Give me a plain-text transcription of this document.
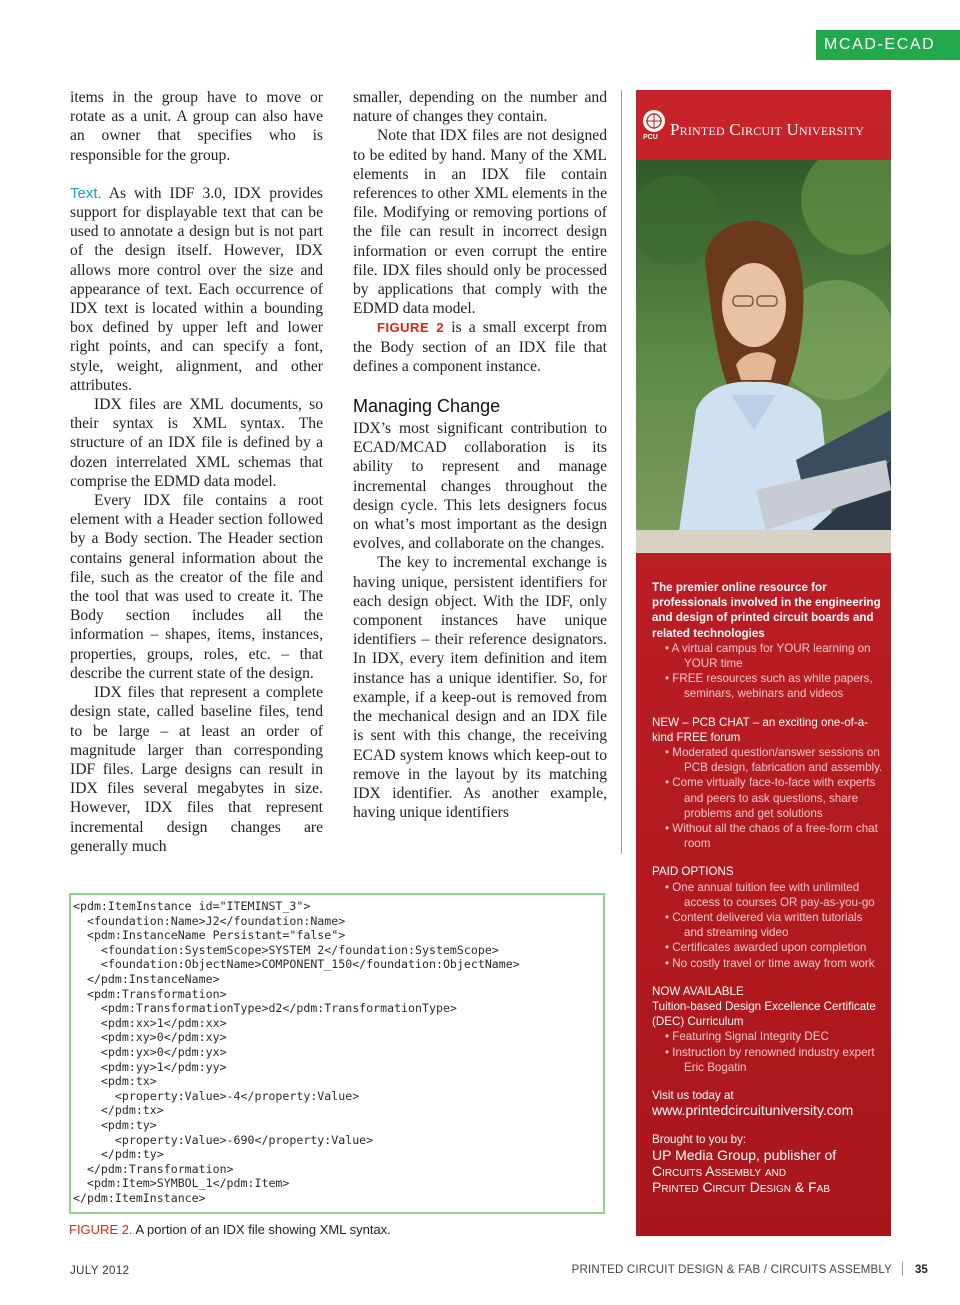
MCAD-ECAD

items in the group have to move or rotate as a unit. A group can also have an owner that specifies who is responsible for the group.

Text. As with IDF 3.0, IDX provides support for displayable text that can be used to annotate a design but is not part of the design itself. However, IDX allows more control over the size and appearance of text. Each occurrence of IDX text is located within a bounding box defined by upper left and lower right points, and can specify a font, style, weight, alignment, and other attributes.

IDX files are XML documents, so their syntax is XML syntax. The structure of an IDX file is defined by a dozen interrelated XML schemas that comprise the EDMD data model.

Every IDX file contains a root element with a Header section followed by a Body section. The Header section contains general information about the file, such as the creator of the file and the tool that was used to create it. The Body section includes all the information – shapes, items, instances, properties, groups, roles, etc. – that describe the current state of the design.

IDX files that represent a complete design state, called baseline files, tend to be large – at least an order of magnitude larger than corresponding IDF files. Large designs can result in IDX files several megabytes in size. However, IDX files that represent incremental design changes are generally much

smaller, depending on the number and nature of changes they contain.

Note that IDX files are not designed to be edited by hand. Many of the XML elements in an IDX file contain references to other XML elements in the file. Modifying or removing portions of the file can result in incorrect design information or even corrupt the entire file. IDX files should only be processed by applications that comply with the EDMD data model.

FIGURE 2 is a small excerpt from the Body section of an IDX file that defines a component instance.

Managing Change

IDX’s most significant contribution to ECAD/MCAD collaboration is its ability to represent and manage incremental changes throughout the design cycle. This lets designers focus on what’s most important as the design evolves, and collaborate on the changes.

The key to incremental exchange is having unique, persistent identifiers for each design object. With the IDF, only component instances have unique identifiers – their reference designators. In IDX, every item definition and item instance has a unique identifier. So, for example, if a keep-out is removed from the mechanical design and an IDX file is sent with this change, the receiving ECAD system knows which keep-out to remove in the layout by its matching IDX identifier. As another example, having unique identifiers

PCU Printed Circuit University
The premier online resource for professionals involved in the engineering and design of printed circuit boards and related technologies
• A virtual campus for YOUR learning on YOUR time
• FREE resources such as white papers, seminars, webinars and videos
NEW – PCB CHAT – an exciting one-of-a-kind FREE forum
• Moderated question/answer sessions on PCB design, fabrication and assembly.
• Come virtually face-to-face with experts and peers to ask questions, share problems and get solutions
• Without all the chaos of a free-form chat room
PAID OPTIONS
• One annual tuition fee with unlimited access to courses OR pay-as-you-go
• Content delivered via written tutorials and streaming video
• Certificates awarded upon completion
• No costly travel or time away from work
NOW AVAILABLE
Tuition-based Design Excellence Certificate (DEC) Curriculum
• Featuring Signal Integrity DEC
• Instruction by renowned industry expert Eric Bogatin
Visit us today at
www.printedcircuituniversity.com
Brought to you by:
UP Media Group, publisher of
Circuits Assembly and
Printed Circuit Design & Fab
<pdm:ItemInstance id="ITEMINST_3">
<foundation:Name>J2</foundation:Name>
<pdm:InstanceName Persistant="false">
<foundation:SystemScope>SYSTEM 2</foundation:SystemScope>
<foundation:ObjectName>COMPONENT_150</foundation:ObjectName>
</pdm:InstanceName>
<pdm:Transformation>
<pdm:TransformationType>d2</pdm:TransformationType>
<pdm:xx>1</pdm:xx>
<pdm:xy>0</pdm:xy>
<pdm:yx>0</pdm:yx>
<pdm:yy>1</pdm:yy>
<pdm:tx>
<property:Value>-4</property:Value>
</pdm:tx>
<pdm:ty>
<property:Value>-690</property:Value>
</pdm:ty>
</pdm:Transformation>
<pdm:Item>SYMBOL_1</pdm:Item>
</pdm:ItemInstance>
FIGURE 2. A portion of an IDX file showing XML syntax.
JULY 2012	PRINTED CIRCUIT DESIGN & FAB / CIRCUITS ASSEMBLY 35
